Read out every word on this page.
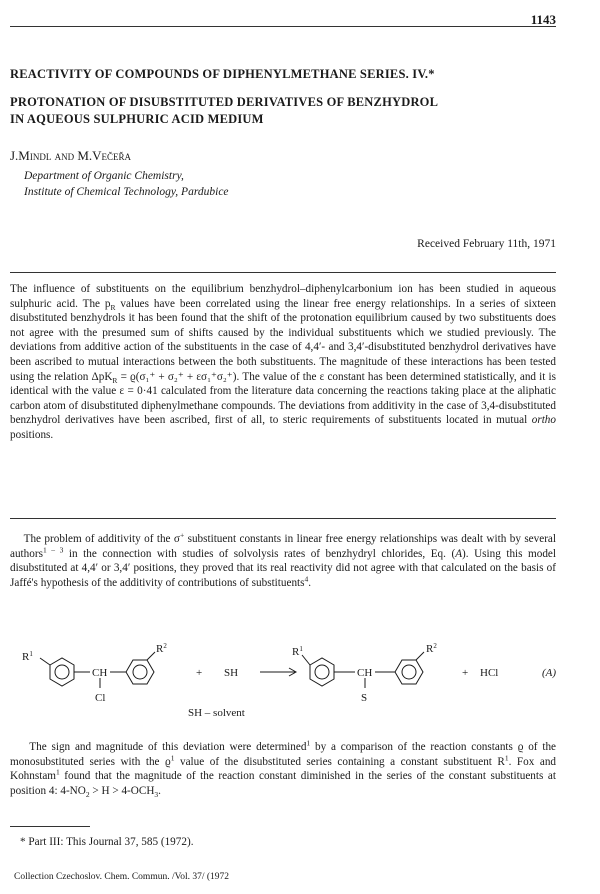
1143
REACTIVITY OF COMPOUNDS OF DIPHENYLMETHANE SERIES. IV.*
PROTONATION OF DISUBSTITUTED DERIVATIVES OF BENZHYDROL
IN AQUEOUS SULPHURIC ACID MEDIUM
J.Mindl and M.Večeřa
Department of Organic Chemistry,
Institute of Chemical Technology, Pardubice
Received February 11th, 1971
The influence of substituents on the equilibrium benzhydrol–diphenylcarbonium ion has been studied in aqueous sulphuric acid. The $p_R$ values have been correlated using the linear free energy relationships. In a series of sixteen disubstituted benzhydrols it has been found that the shift of the protonation equilibrium caused by two substituents does not agree with the presumed sum of shifts caused by the individual substituents which we studied previously. The deviations from additive action of the substituents in the case of 4,4′- and 3,4′-disubstituted benzhydrol derivatives have been ascribed to mutual interactions between the both substituents. The magnitude of these interactions has been tested using the relation ΔpK$_R$ = ϱ(σ₁⁺ + σ₂⁺ + εσ₁⁺σ₂⁺). The value of the ε constant has been determined statistically, and it is identical with the value ε = 0·41 calculated from the literature data concerning the reactions taking place at the aliphatic carbon atom of disubstituted diphenylmethane compounds. The deviations from additivity in the case of 3,4-disubstituted benzhydrol derivatives have been ascribed, first of all, to steric requirements of substituents located in mutual ortho positions.
The problem of additivity of the σ+ substituent constants in linear free energy relationships was dealt with by several authors$^{1 - 3}$ in the connection with studies of solvolysis rates of benzhydryl chlorides, Eq. (A). Using this model disubstituted at 4,4′ or 3,4′ positions, they proved that its real reactivity did not agree with that calculated on the basis of Jaffé's hypothesis of the additivity of contributions of substituents$^4$.
$R^1$	$R^2$
CH
Cl
+ SH
$R^1$	$R^2$
CH
S
+ HCl	(A)
SH – solvent
The sign and magnitude of this deviation were determined$^1$ by a comparison of the reaction constants ϱ of the monosubstituted series with the $ϱ^1$ value of the disubstituted series containing a constant substituent $R^1$. Fox and Kohnstam$^1$ found that the magnitude of the reaction constant diminished in the series of the constant substituents at position 4: $4-NO_2 > H > 4-OCH_3$.
* Part III: This Journal 37, 585 (1972).
Collection Czechoslov. Chem. Commun. /Vol. 37/ (1972
